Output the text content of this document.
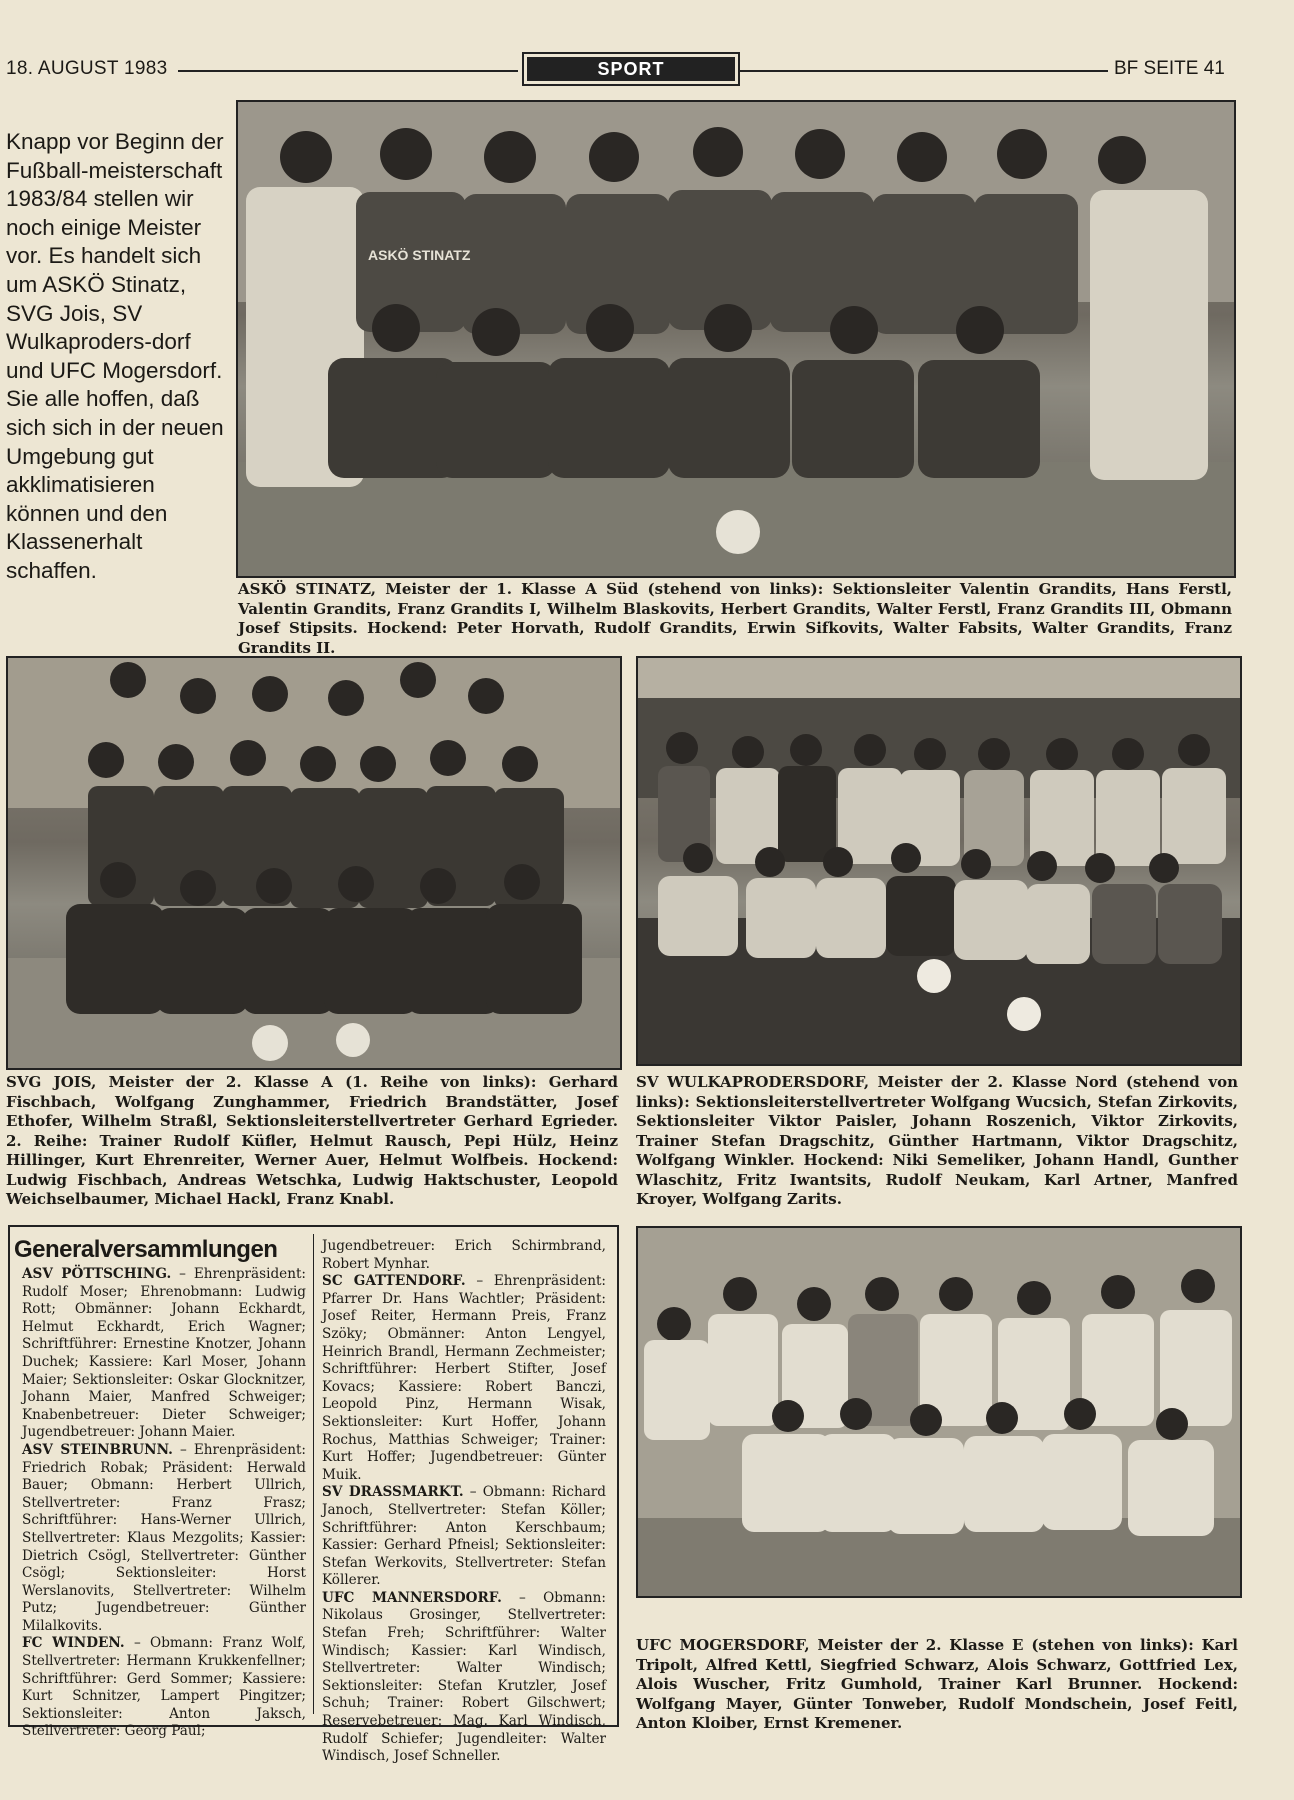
18. AUGUST 1983	SPORT	BF SEITE 41
Knapp vor Beginn der Fußball-meisterschaft 1983/84 stellen wir noch einige Meister vor. Es handelt sich um ASKÖ Stinatz, SVG Jois, SV Wulkaproders-dorf und UFC Mogersdorf. Sie alle hoffen, daß sich sich in der neuen Umgebung gut akklimatisieren können und den Klassenerhalt schaffen.
ASKÖ STINATZ
ASKÖ STINATZ, Meister der 1. Klasse A Süd (stehend von links): Sektionsleiter Valentin Grandits, Hans Ferstl, Valentin Grandits, Franz Grandits I, Wilhelm Blaskovits, Herbert Grandits, Walter Ferstl, Franz Grandits III, Obmann Josef Stipsits. Hockend: Peter Horvath, Rudolf Grandits, Erwin Sifkovits, Walter Fabsits, Walter Grandits, Franz Grandits II.
SVG JOIS, Meister der 2. Klasse A (1. Reihe von links): Gerhard Fischbach, Wolfgang Zunghammer, Friedrich Brandstätter, Josef Ethofer, Wilhelm Straßl, Sektionsleiterstellvertreter Gerhard Egrieder. 2. Reihe: Trainer Rudolf Küfler, Helmut Rausch, Pepi Hülz, Heinz Hillinger, Kurt Ehrenreiter, Werner Auer, Helmut Wolfbeis. Hockend: Ludwig Fischbach, Andreas Wetschka, Ludwig Haktschuster, Leopold Weichselbaumer, Michael Hackl, Franz Knabl.
SV WULKAPRODERSDORF, Meister der 2. Klasse Nord (stehend von links): Sektionsleiterstellvertreter Wolfgang Wucsich, Stefan Zirkovits, Sektionsleiter Viktor Paisler, Johann Roszenich, Viktor Zirkovits, Trainer Stefan Dragschitz, Günther Hartmann, Viktor Dragschitz, Wolfgang Winkler. Hockend: Niki Semeliker, Johann Handl, Gunther Wlaschitz, Fritz Iwantsits, Rudolf Neukam, Karl Artner, Manfred Kroyer, Wolfgang Zarits.
Generalversammlungen
ASV PÖTTSCHING. – Ehrenpräsident: Rudolf Moser; Ehrenobmann: Ludwig Rott; Obmänner: Johann Eckhardt, Helmut Eckhardt, Erich Wagner; Schriftführer: Ernestine Knotzer, Johann Duchek; Kassiere: Karl Moser, Johann Maier; Sektionsleiter: Oskar Glocknitzer, Johann Maier, Manfred Schweiger; Knabenbetreuer: Dieter Schweiger; Jugendbetreuer: Johann Maier.
ASV STEINBRUNN. – Ehrenpräsident: Friedrich Robak; Präsident: Herwald Bauer; Obmann: Herbert Ullrich, Stellvertreter: Franz Frasz; Schriftführer: Hans-Werner Ullrich, Stellvertreter: Klaus Mezgolits; Kassier: Dietrich Csögl, Stellvertreter: Günther Csögl; Sektionsleiter: Horst Werslanovits, Stellvertreter: Wilhelm Putz; Jugendbetreuer: Günther Milalkovits.
FC WINDEN. – Obmann: Franz Wolf, Stellvertreter: Hermann Krukkenfellner; Schriftführer: Gerd Sommer; Kassiere: Kurt Schnitzer, Lampert Pingitzer; Sektionsleiter: Anton Jaksch, Stellvertreter: Georg Paul;
Jugendbetreuer: Erich Schirmbrand, Robert Mynhar.
SC GATTENDORF. – Ehrenpräsident: Pfarrer Dr. Hans Wachtler; Präsident: Josef Reiter, Hermann Preis, Franz Szöky; Obmänner: Anton Lengyel, Heinrich Brandl, Hermann Zechmeister; Schriftführer: Herbert Stifter, Josef Kovacs; Kassiere: Robert Banczi, Leopold Pinz, Hermann Wisak, Sektionsleiter: Kurt Hoffer, Johann Rochus, Matthias Schweiger; Trainer: Kurt Hoffer; Jugendbetreuer: Günter Muik.
SV DRASSMARKT. – Obmann: Richard Janoch, Stellvertreter: Stefan Köller; Schriftführer: Anton Kerschbaum; Kassier: Gerhard Pfneisl; Sektionsleiter: Stefan Werkovits, Stellvertreter: Stefan Köllerer.
UFC MANNERSDORF. – Obmann: Nikolaus Grosinger, Stellvertreter: Stefan Freh; Schriftführer: Walter Windisch; Kassier: Karl Windisch, Stellvertreter: Walter Windisch; Sektionsleiter: Stefan Krutzler, Josef Schuh; Trainer: Robert Gilschwert; Reservebetreuer: Mag. Karl Windisch, Rudolf Schiefer; Jugendleiter: Walter Windisch, Josef Schneller.
UFC MOGERSDORF, Meister der 2. Klasse E (stehen von links): Karl Tripolt, Alfred Kettl, Siegfried Schwarz, Alois Schwarz, Gottfried Lex, Alois Wuscher, Fritz Gumhold, Trainer Karl Brunner. Hockend: Wolfgang Mayer, Günter Tonweber, Rudolf Mondschein, Josef Feitl, Anton Kloiber, Ernst Kremener.
